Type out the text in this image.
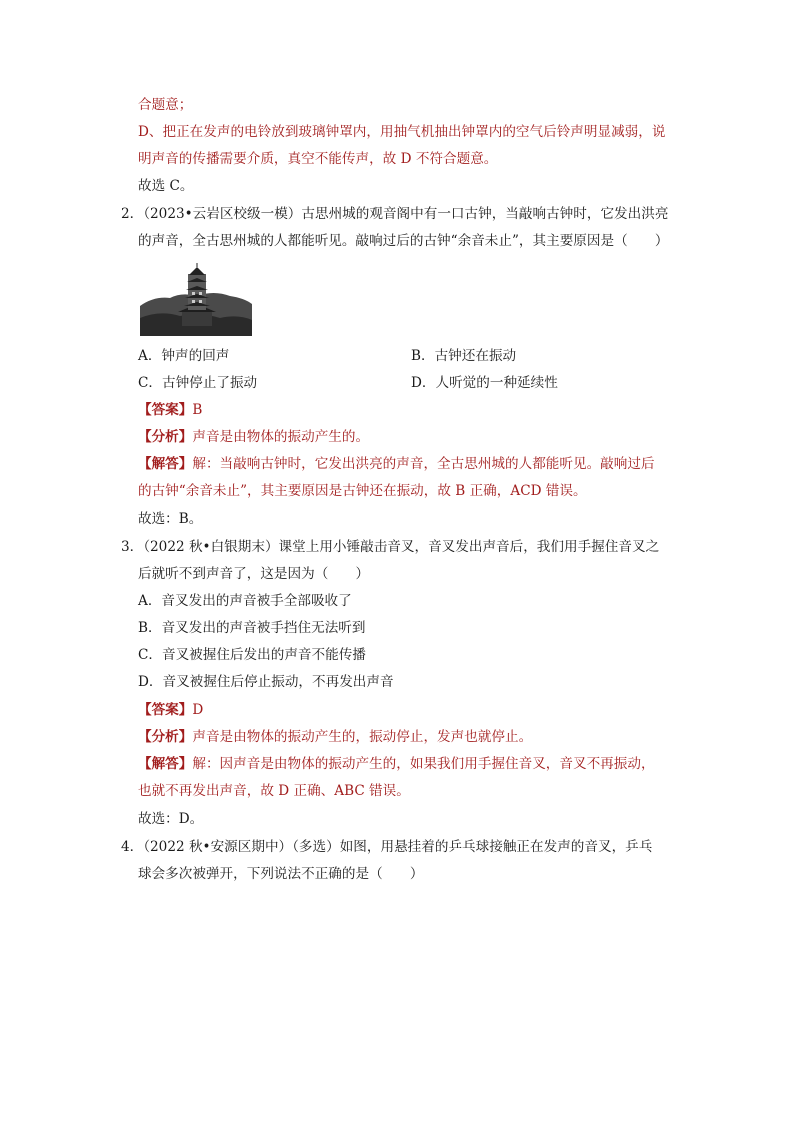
合题意；
D、把正在发声的电铃放到玻璃钟罩内，用抽气机抽出钟罩内的空气后铃声明显减弱，说
明声音的传播需要介质，真空不能传声，故 D 不符合题意。
故选 C。
2．（2023•云岩区校级一模）古思州城的观音阁中有一口古钟，当敲响古钟时，它发出洪亮
的声音，全古思州城的人都能听见。敲响过后的古钟“余音未止”，其主要原因是（　　）
A．钟声的回声	B．古钟还在振动
C．古钟停止了振动	D．人听觉的一种延续性
【答案】B
【分析】声音是由物体的振动产生的。
【解答】解：当敲响古钟时，它发出洪亮的声音，全古思州城的人都能听见。敲响过后
的古钟“余音未止”，其主要原因是古钟还在振动，故 B 正确，ACD 错误。
故选：B。
3．（2022 秋•白银期末）课堂上用小锤敲击音叉，音叉发出声音后，我们用手握住音叉之
后就听不到声音了，这是因为（　　）
A．音叉发出的声音被手全部吸收了
B．音叉发出的声音被手挡住无法听到
C．音叉被握住后发出的声音不能传播
D．音叉被握住后停止振动，不再发出声音
【答案】D
【分析】声音是由物体的振动产生的，振动停止，发声也就停止。
【解答】解：因声音是由物体的振动产生的，如果我们用手握住音叉，音叉不再振动，
也就不再发出声音，故 D 正确、ABC 错误。
故选：D。
4．（2022 秋•安源区期中）（多选）如图，用悬挂着的乒乓球接触正在发声的音叉，乒乓
球会多次被弹开，下列说法不正确的是（　　）
